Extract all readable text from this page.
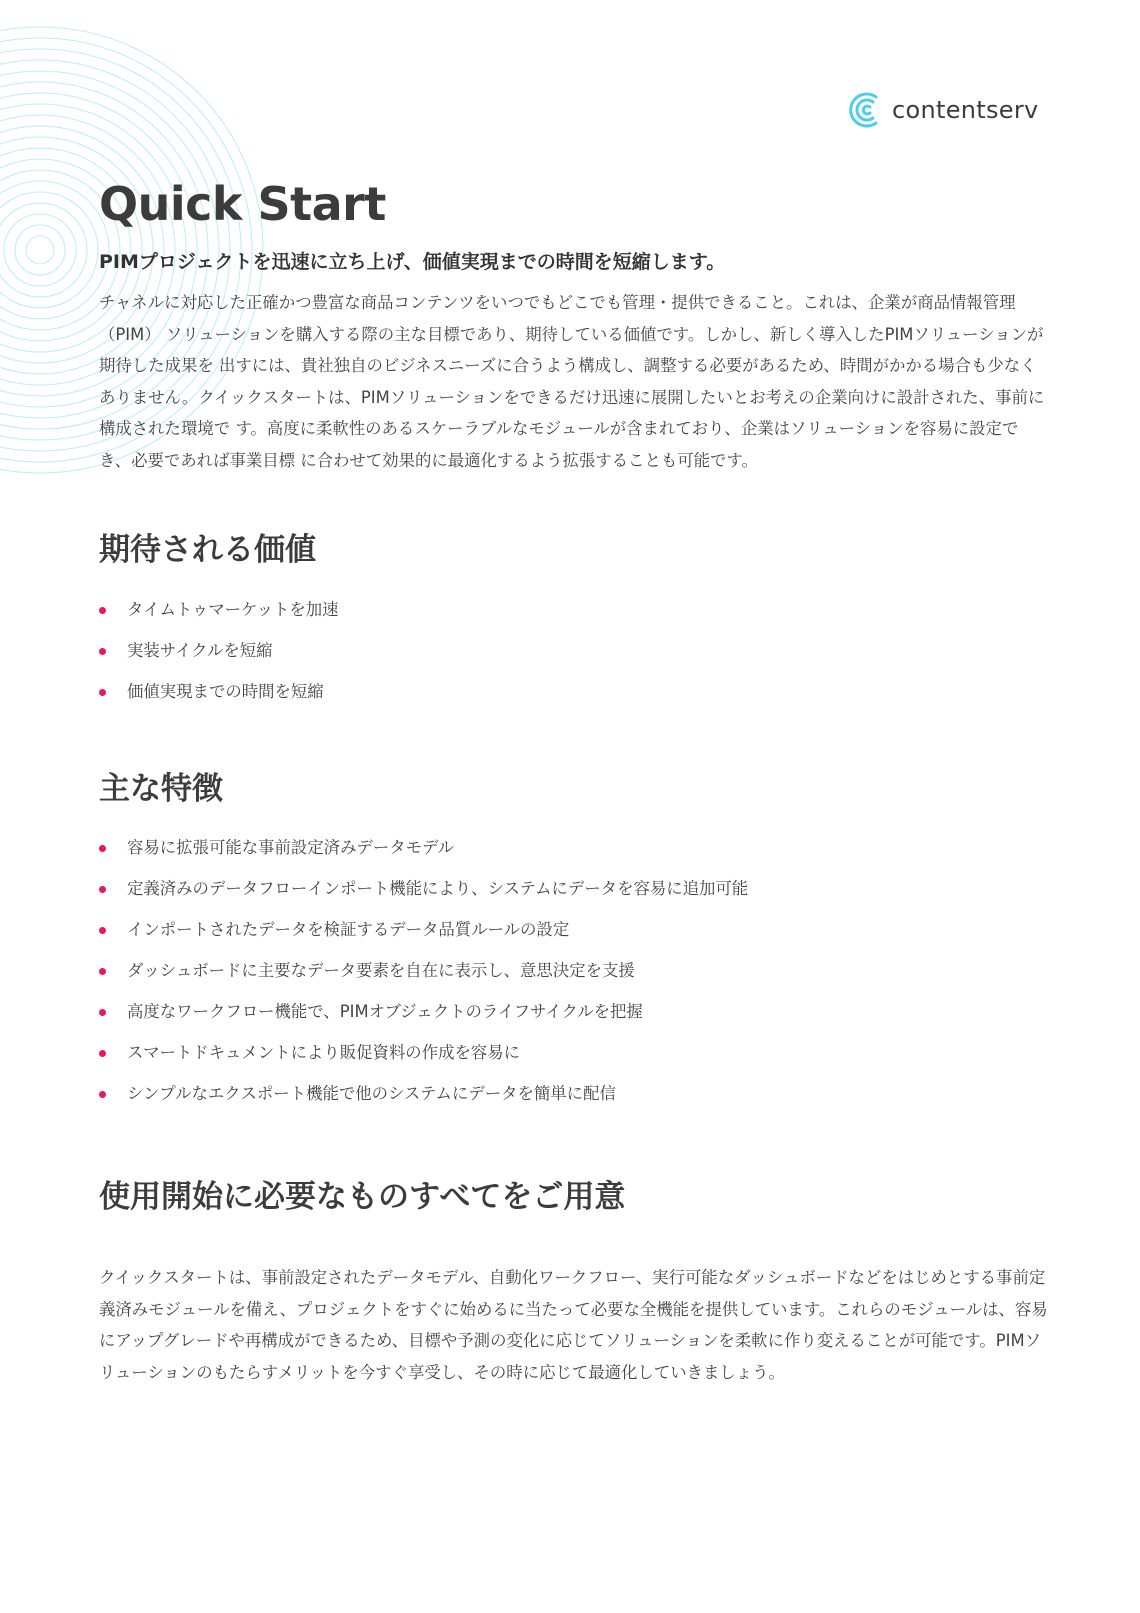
contentserv
Quick Start

PIMプロジェクトを迅速に立ち上げ、価値実現までの時間を短縮します。

チャネルに対応した正確かつ豊富な商品コンテンツをいつでもどこでも管理・提供できること。これは、企業が商品情報管理（PIM） ソリューションを購入する際の主な目標であり、期待している価値です。しかし、新しく導入したPIMソリューションが期待した成果を 出すには、貴社独自のビジネスニーズに合うよう構成し、調整する必要があるため、時間がかかる場合も少なくありません。クイックスタートは、PIMソリューションをできるだけ迅速に展開したいとお考えの企業向けに設計された、事前に構成された環境で す。高度に柔軟性のあるスケーラブルなモジュールが含まれており、企業はソリューションを容易に設定でき、必要であれば事業目標 に合わせて効果的に最適化するよう拡張することも可能です。

期待される価値
タイムトゥマーケットを加速
実装サイクルを短縮
価値実現までの時間を短縮
主な特徴
容易に拡張可能な事前設定済みデータモデル
定義済みのデータフローインポート機能により、システムにデータを容易に追加可能
インポートされたデータを検証するデータ品質ルールの設定
ダッシュボードに主要なデータ要素を自在に表示し、意思決定を支援
高度なワークフロー機能で、PIMオブジェクトのライフサイクルを把握
スマートドキュメントにより販促資料の作成を容易に
シンプルなエクスポート機能で他のシステムにデータを簡単に配信
使用開始に必要なものすべてをご用意

クイックスタートは、事前設定されたデータモデル、自動化ワークフロー、実行可能なダッシュボードなどをはじめとする事前定義済みモジュールを備え、プロジェクトをすぐに始めるに当たって必要な全機能を提供しています。これらのモジュールは、容易にアップグレードや再構成ができるため、目標や予測の変化に応じてソリューションを柔軟に作り変えることが可能です。PIMソリューションのもたらすメリットを今すぐ享受し、その時に応じて最適化していきましょう。
